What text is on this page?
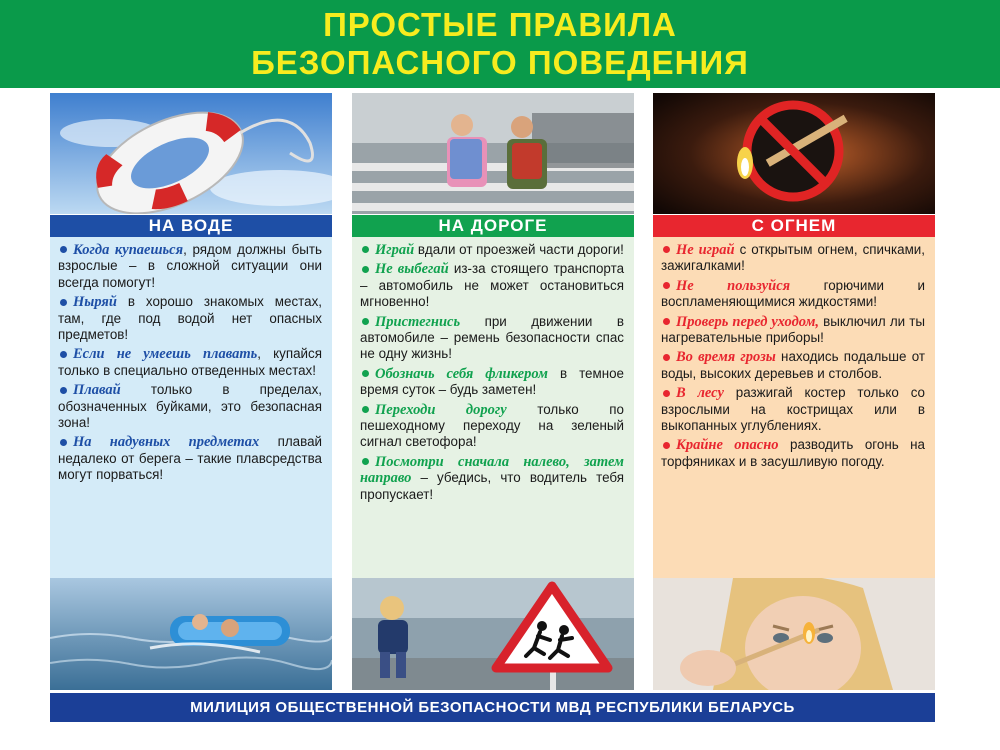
ПРОСТЫЕ ПРАВИЛА
БЕЗОПАСНОГО ПОВЕДЕНИЯ
НА ВОДЕ

Когда купаешься, рядом должны быть взрослые – в сложной ситуации они всегда помогут!

Ныряй в хорошо знакомых местах, там, где под водой нет опасных предметов!

Если не умеешь плавать, купайся только в специально отведенных местах!

Плавай только в пределах, обозначенных буйками, это безопасная зона!

На надувных предметах плавай недалеко от берега – такие плавсредства могут порваться!

НА ДОРОГЕ

Играй вдали от проезжей части дороги!

Не выбегай из-за стоящего транспорта – автомобиль не может остановиться мгновенно!

Пристегнись при движении в автомобиле – ремень безопасности спас не одну жизнь!

Обозначь себя фликером в темное время суток – будь заметен!

Переходи дорогу только по пешеходному переходу на зеленый сигнал светофора!

Посмотри сначала налево, затем направо – убедись, что водитель тебя пропускает!

С ОГНЕМ

Не играй с открытым огнем, спичками, зажигалками!

Не пользуйся горючими и воспламеняющимися жидкостями!

Проверь перед уходом, выключил ли ты нагревательные приборы!

Во время грозы находись подальше от воды, высоких деревьев и столбов.

В лесу разжигай костер только со взрослыми на кострищах или в выкопанных углублениях.

Крайне опасно разводить огонь на торфяниках и в засушливую погоду.

МИЛИЦИЯ ОБЩЕСТВЕННОЙ БЕЗОПАСНОСТИ МВД РЕСПУБЛИКИ БЕЛАРУСЬ
